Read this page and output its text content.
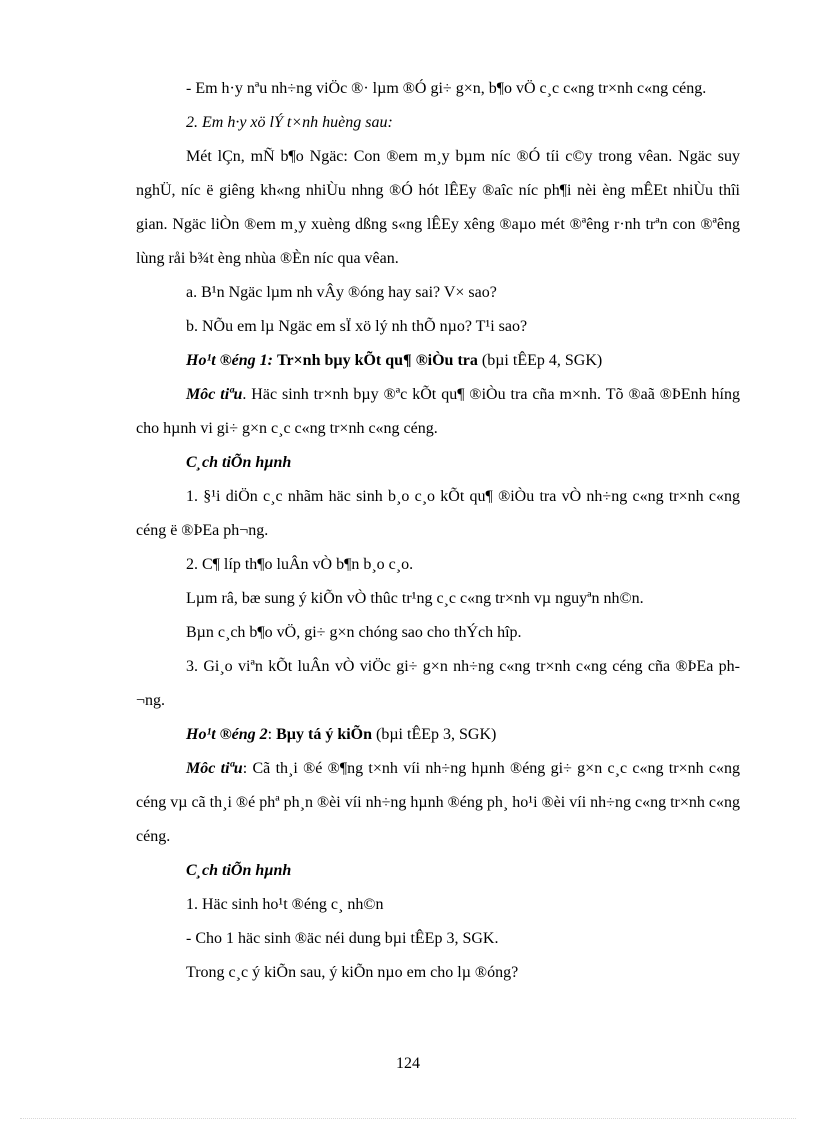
- Em h·y nªu nh÷ng viÖc ®· lµm ®Ó gi÷ g×n, b¶o vÖ c¸c c«ng tr×nh c«ng céng.

2. Em h·y xö lÝ t×nh huèng sau:

Mét lÇn, mÑ b¶o Ngäc: Con ®em m¸y bµm níc ®Ó tíi c©y trong vêan. Ngäc suy nghÜ, níc ë giêng kh«ng nhiÙu nhng ®Ó hót lÊEy ®aîc níc ph¶i nèi èng mÊEt nhiÙu thîi gian. Ngäc liÒn ®em m¸y xuèng dßng s«ng lÊEy xêng ®aµo mét ®ªêng r·nh trªn con ®ªêng lùng råi b¾t èng nhùa ®Èn níc qua vêan.

a. B¹n Ngäc lµm nh vÂy ®óng hay sai? V× sao?

b. NÕu em lµ Ngäc em sÏ xö lý nh thÕ nµo? T¹i sao?

Ho¹t ®éng 1: Tr×nh bµy kÕt qu¶ ®iÒu tra (bµi tÊEp 4, SGK)

Môc tiªu. Häc sinh tr×nh bµy ®ªc kÕt qu¶ ®iÒu tra cña m×nh. Tõ ®aã ®ÞEnh híng cho hµnh vi gi÷ g×n c¸c c«ng tr×nh c«ng céng.

C¸ch tiÕn hµnh

1. §¹i diÖn c¸c nhãm häc sinh b¸o c¸o kÕt qu¶ ®iÒu tra vÒ nh÷ng c«ng tr×nh c«ng céng ë ®ÞEa ph¬ng.

2. C¶ líp th¶o luÂn vÒ b¶n b¸o c¸o.

Lµm râ, bæ sung ý kiÕn vÒ thûc tr¹ng c¸c c«ng tr×nh vµ nguyªn nh©n.

Bµn c¸ch b¶o vÖ, gi÷ g×n chóng sao cho thÝch hîp.

3. Gi¸o viªn kÕt luÂn vÒ viÖc gi÷ g×n nh÷ng c«ng tr×nh c«ng céng cña ®ÞEa ph¬ng.

Ho¹t ®éng 2: Bµy tá ý kiÕn (bµi tÊEp 3, SGK)

Môc tiªu: Cã th¸i ®é ®¶ng t×nh víi nh÷ng hµnh ®éng gi÷ g×n c¸c c«ng tr×nh c«ng céng vµ cã th¸i ®é phª ph¸n ®èi víi nh÷ng hµnh ®éng ph¸ ho¹i ®èi víi nh÷ng c«ng tr×nh c«ng céng.

C¸ch tiÕn hµnh

1. Häc sinh ho¹t ®éng c¸ nh©n

- Cho 1 häc sinh ®äc néi dung bµi tÊEp 3, SGK.

Trong c¸c ý kiÕn sau, ý kiÕn nµo em cho lµ ®óng?

124
